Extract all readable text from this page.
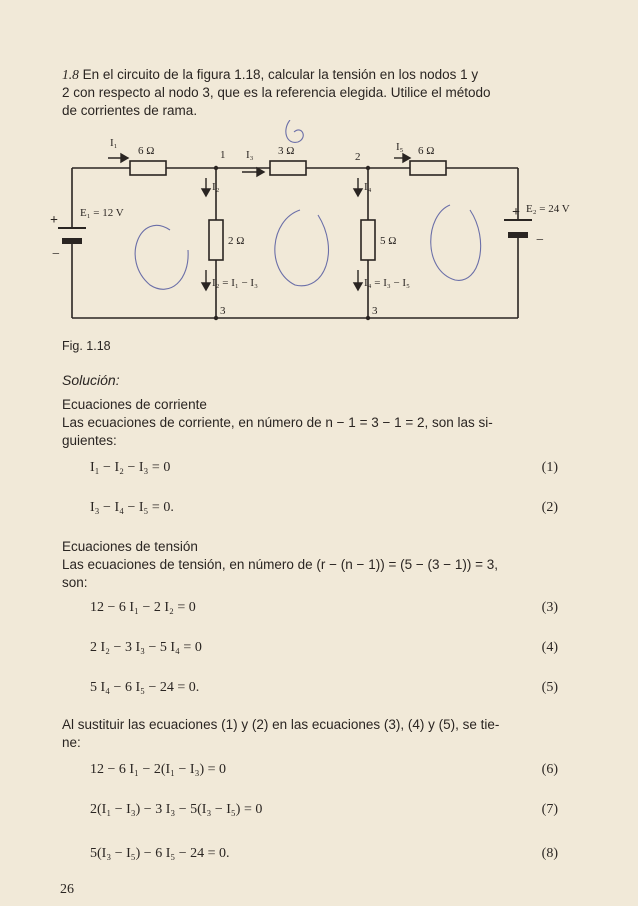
1.8 En el circuito de la figura 1.18, calcular la tensión en los nodos 1 y
2 con respecto al nodo 3, que es la referencia elegida. Utilice el método
de corrientes de rama.
I₁
6 Ω	1 I₃ 3 Ω	2
I₅ 6 Ω
E₁ = 12 V	E₂ = 24 V
I₂
2 Ω
I₄
5 Ω
I₂ = I₁ − I₃	I₄ = I₃ − I₅
3	3
+
−
+
−
Fig. 1.18
Solución:
Ecuaciones de corriente
Las ecuaciones de corriente, en número de n − 1 = 3 − 1 = 2, son las si-
guientes:
I₁ − I₂ − I₃ = 0	(1)
I₃ − I₄ − I₅ = 0.	(2)
Ecuaciones de tensión
Las ecuaciones de tensión, en número de (r − (n − 1)) = (5 − (3 − 1)) = 3,
son:
12 − 6 I₁ − 2 I₂ = 0	(3)
2 I₂ − 3 I₃ − 5 I₄ = 0	(4)
5 I₄ − 6 I₅ − 24 = 0.	(5)
Al sustituir las ecuaciones (1) y (2) en las ecuaciones (3), (4) y (5), se tie-
ne:
12 − 6 I₁ − 2(I₁ − I₃) = 0	(6)
2(I₁ − I₃) − 3 I₃ − 5(I₃ − I₅) = 0	(7)
5(I₃ − I₅) − 6 I₅ − 24 = 0.	(8)
26
